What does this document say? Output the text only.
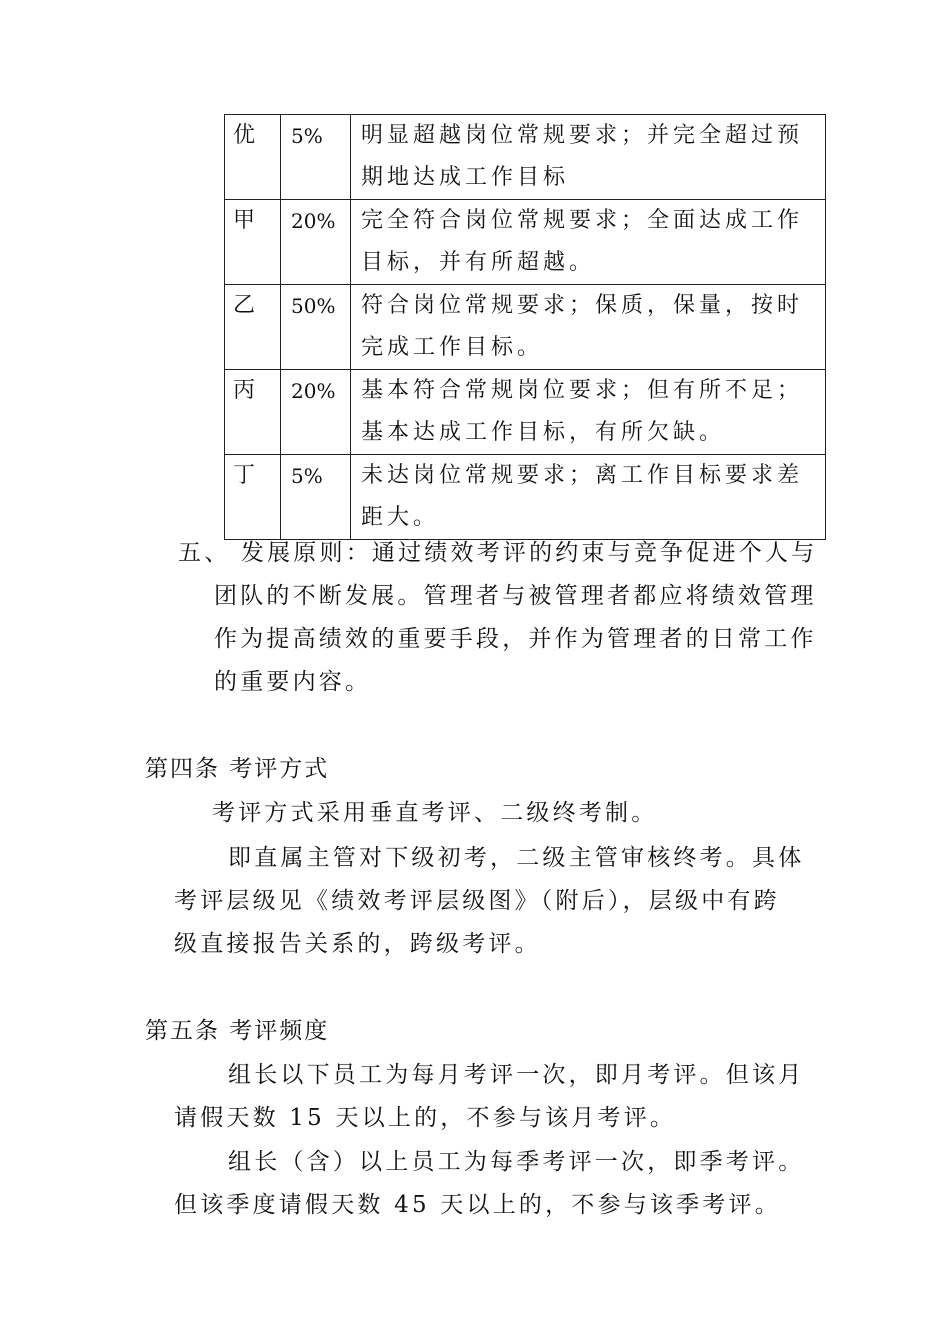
优	5%	明显超越岗位常规要求；并完全超过预
期地达成工作目标
甲	20%	完全符合岗位常规要求；全面达成工作
目标，并有所超越。
乙	50%	符合岗位常规要求；保质，保量，按时
完成工作目标。
丙	20%	基本符合常规岗位要求；但有所不足；
基本达成工作目标，有所欠缺。
丁	5%	未达岗位常规要求；离工作目标要求差
距大。
五、 发展原则：通过绩效考评的约束与竞争促进个人与
团队的不断发展。管理者与被管理者都应将绩效管理
作为提高绩效的重要手段，并作为管理者的日常工作
的重要内容。
第四条 考评方式
考评方式采用垂直考评、二级终考制。
即直属主管对下级初考，二级主管审核终考。具体
考评层级见《绩效考评层级图》（附后），层级中有跨
级直接报告关系的，跨级考评。
第五条 考评频度
组长以下员工为每月考评一次，即月考评。但该月
请假天数 15 天以上的，不参与该月考评。
组长（含）以上员工为每季考评一次，即季考评。
但该季度请假天数 45 天以上的，不参与该季考评。
